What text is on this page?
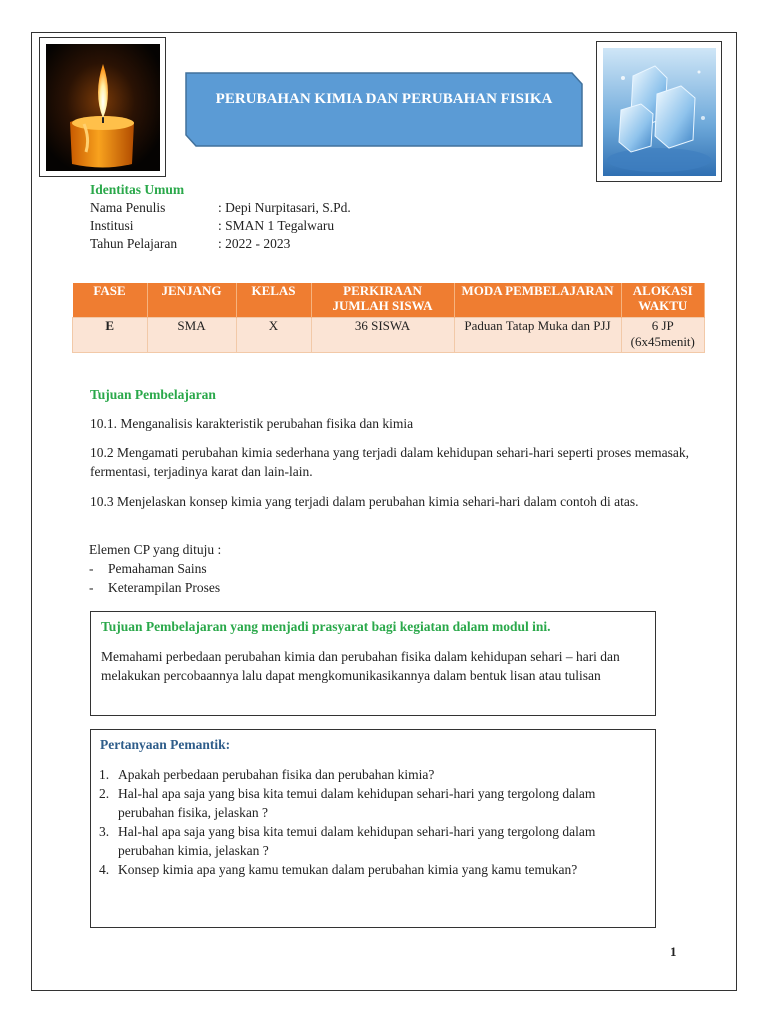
PERUBAHAN KIMIA DAN PERUBAHAN FISIKA
Identitas Umum
Nama Penulis	: Depi Nurpitasari, S.Pd.
Institusi	: SMAN 1 Tegalwaru
Tahun Pelajaran	: 2022 - 2023
FASE	JENJANG	KELAS	PERKIRAAN JUMLAH SISWA	MODA PEMBELAJARAN	ALOKASI WAKTU
E	SMA	X	36 SISWA	Paduan Tatap Muka dan PJJ	6 JP (6x45menit)
Tujuan Pembelajaran
10.1. Menganalisis karakteristik perubahan fisika dan kimia
10.2 Mengamati perubahan kimia sederhana yang terjadi dalam kehidupan sehari-hari seperti proses memasak, fermentasi, terjadinya karat dan lain-lain.
10.3 Menjelaskan konsep kimia yang terjadi dalam perubahan kimia sehari-hari dalam contoh di atas.
Elemen CP yang dituju :
- Pemahaman Sains
- Keterampilan Proses
Tujuan Pembelajaran yang menjadi prasyarat bagi kegiatan dalam modul ini.
Memahami perbedaan perubahan kimia dan perubahan fisika dalam kehidupan sehari – hari dan melakukan percobaannya lalu dapat mengkomunikasikannya dalam bentuk lisan atau tulisan
Pertanyaan Pemantik:
1. Apakah perbedaan perubahan fisika dan perubahan kimia?
2. Hal-hal apa saja yang bisa kita temui dalam kehidupan sehari-hari yang tergolong dalam perubahan fisika, jelaskan ?
3. Hal-hal apa saja yang bisa kita temui dalam kehidupan sehari-hari yang tergolong dalam perubahan kimia, jelaskan ?
4. Konsep kimia apa yang kamu temukan dalam perubahan kimia yang kamu temukan?
1
